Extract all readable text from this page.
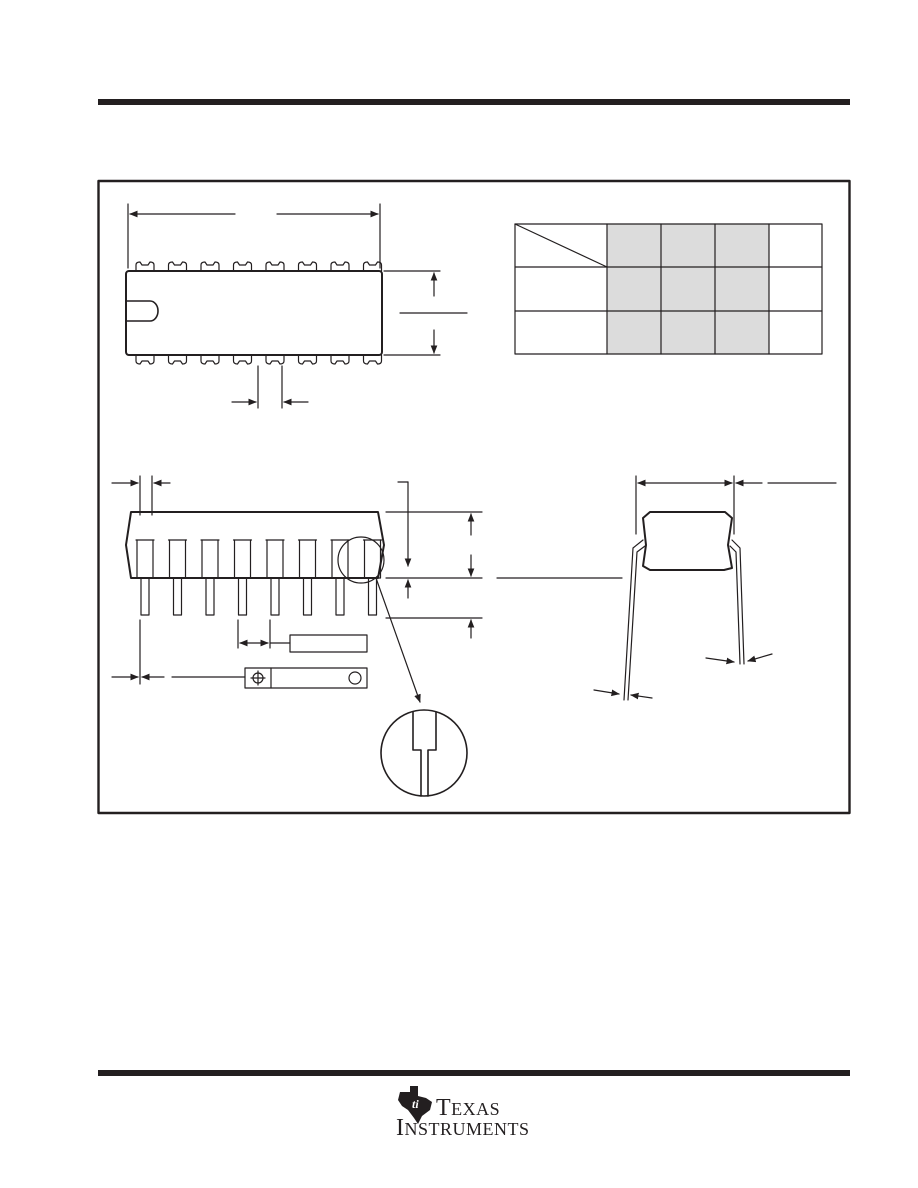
ti TEXAS
INSTRUMENTS
